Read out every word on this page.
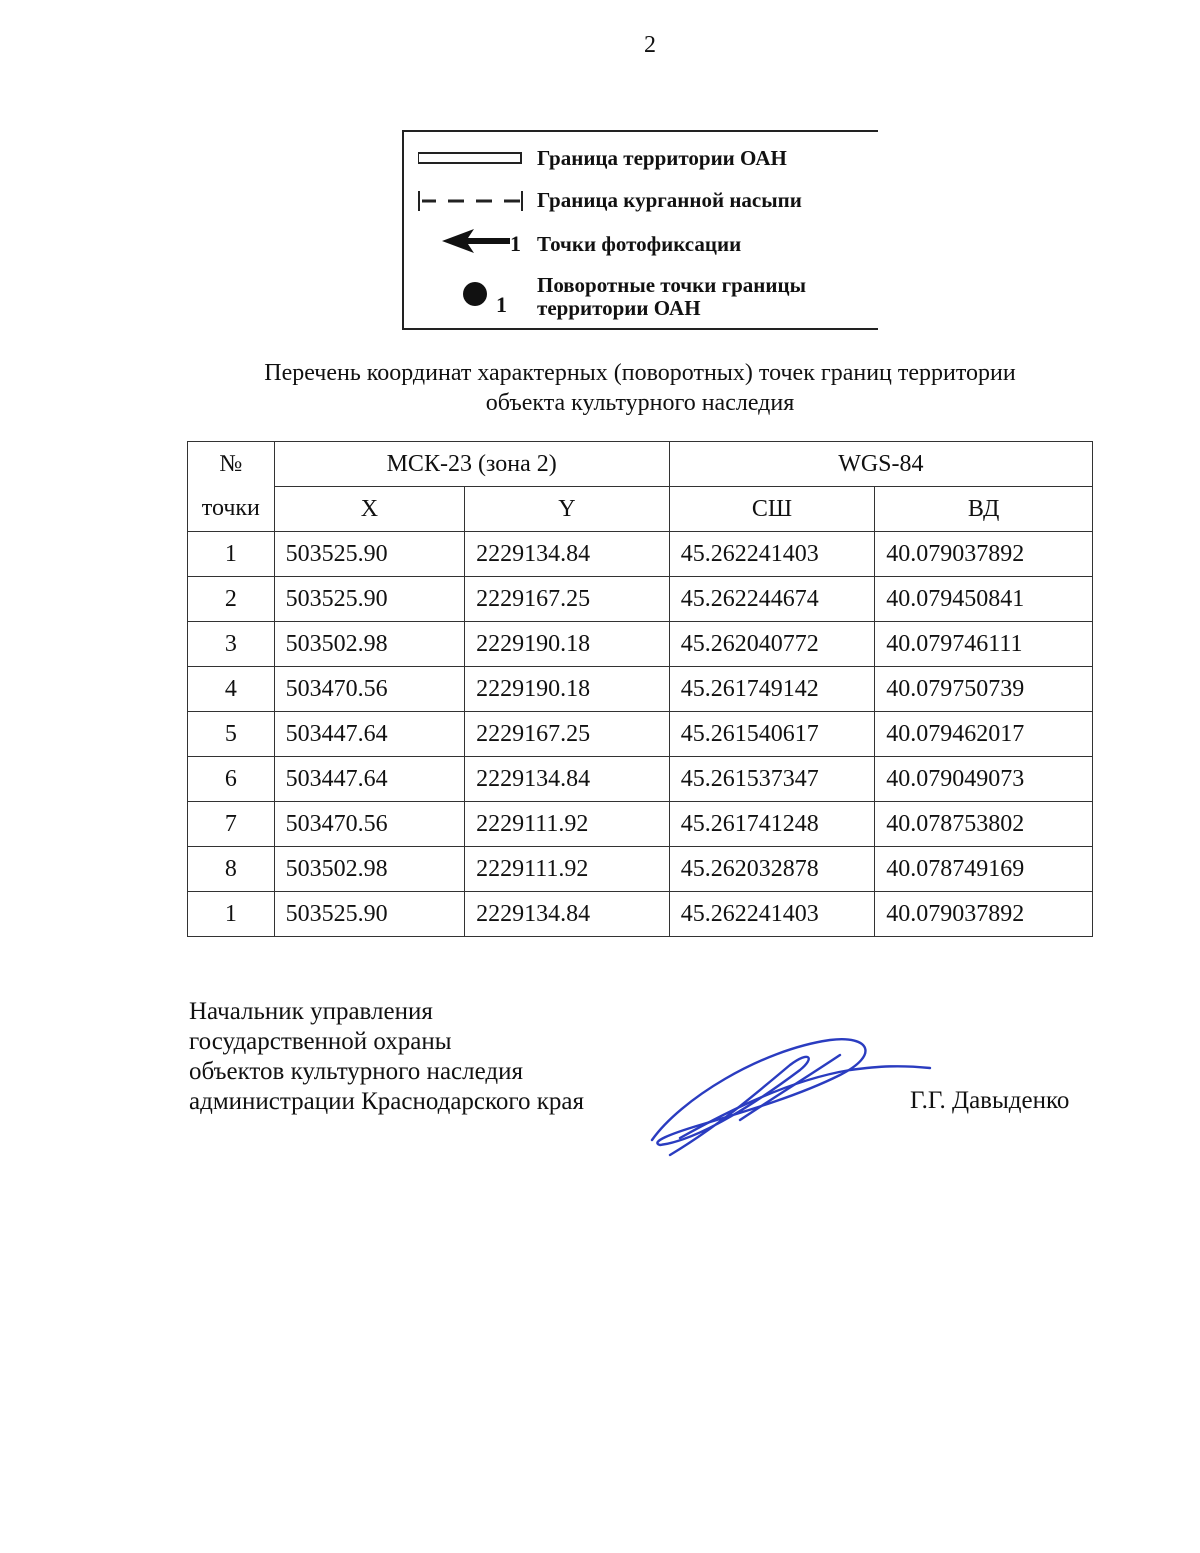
2
Граница территории ОАН
Граница курганной насыпи
1 Точки фотофиксации
1
Поворотные точки границы
территории ОАН
Перечень координат характерных (поворотных) точек границ территории
объекта культурного наследия
№	МСК-23 (зона 2)		WGS-84	
точки	X	Y	СШ	ВД
1	503525.90	2229134.84	45.262241403	40.079037892
2	503525.90	2229167.25	45.262244674	40.079450841
3	503502.98	2229190.18	45.262040772	40.079746111
4	503470.56	2229190.18	45.261749142	40.079750739
5	503447.64	2229167.25	45.261540617	40.079462017
6	503447.64	2229134.84	45.261537347	40.079049073
7	503470.56	2229111.92	45.261741248	40.078753802
8	503502.98	2229111.92	45.262032878	40.078749169
1	503525.90	2229134.84	45.262241403	40.079037892
Начальник управления
государственной охраны
объектов культурного наследия
администрации Краснодарского края	Г.Г. Давыденко
